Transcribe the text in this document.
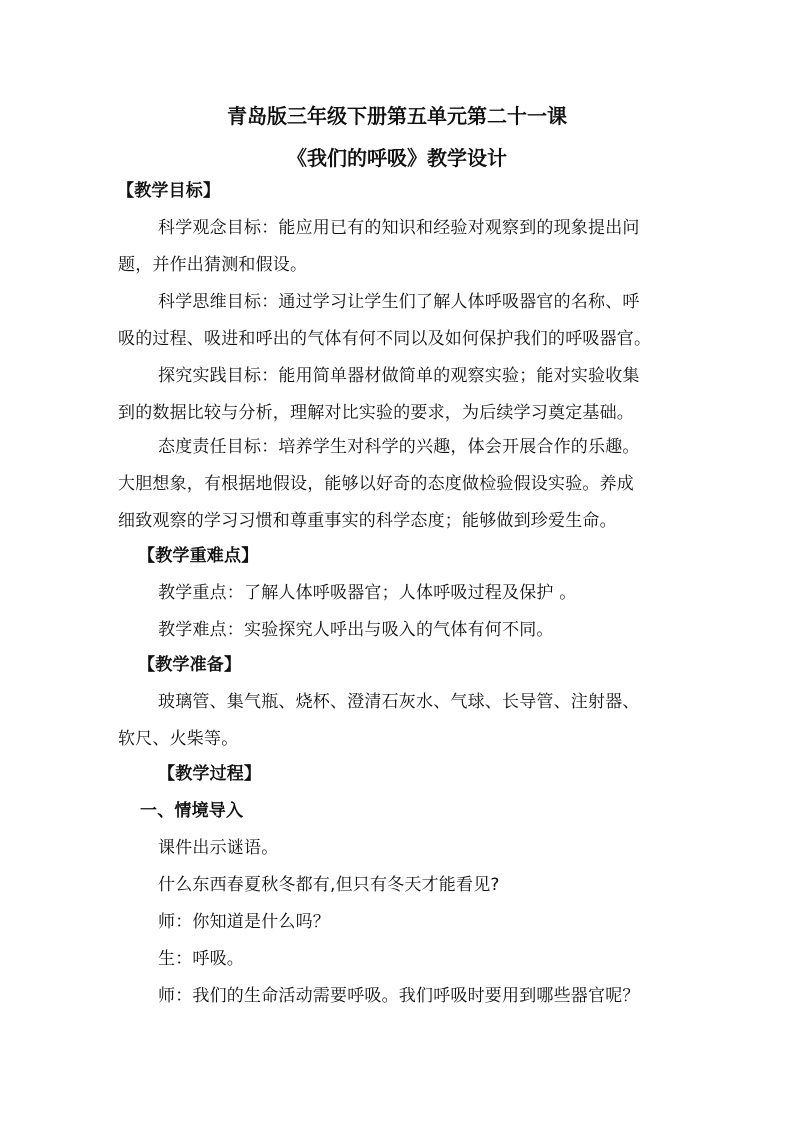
青岛版三年级下册第五单元第二十一课
《我们的呼吸》教学设计
【教学目标】
科学观念目标：能应用已有的知识和经验对观察到的现象提出问
题，并作出猜测和假设。
科学思维目标：通过学习让学生们了解人体呼吸器官的名称、呼
吸的过程、吸进和呼出的气体有何不同以及如何保护我们的呼吸器官。
探究实践目标：能用简单器材做简单的观察实验；能对实验收集
到的数据比较与分析，理解对比实验的要求，为后续学习奠定基础。
态度责任目标：培养学生对科学的兴趣，体会开展合作的乐趣。
大胆想象，有根据地假设，能够以好奇的态度做检验假设实验。养成
细致观察的学习习惯和尊重事实的科学态度；能够做到珍爱生命。
【教学重难点】
教学重点：了解人体呼吸器官；人体呼吸过程及保护 。
教学难点：实验探究人呼出与吸入的气体有何不同。
【教学准备】
玻璃管、集气瓶、烧杯、澄清石灰水、气球、长导管、注射器、
软尺、火柴等。
【教学过程】
一、情境导入
课件出示谜语。
什么东西春夏秋冬都有,但只有冬天才能看见?
师：你知道是什么吗？
生：呼吸。
师：我们的生命活动需要呼吸。我们呼吸时要用到哪些器官呢？
